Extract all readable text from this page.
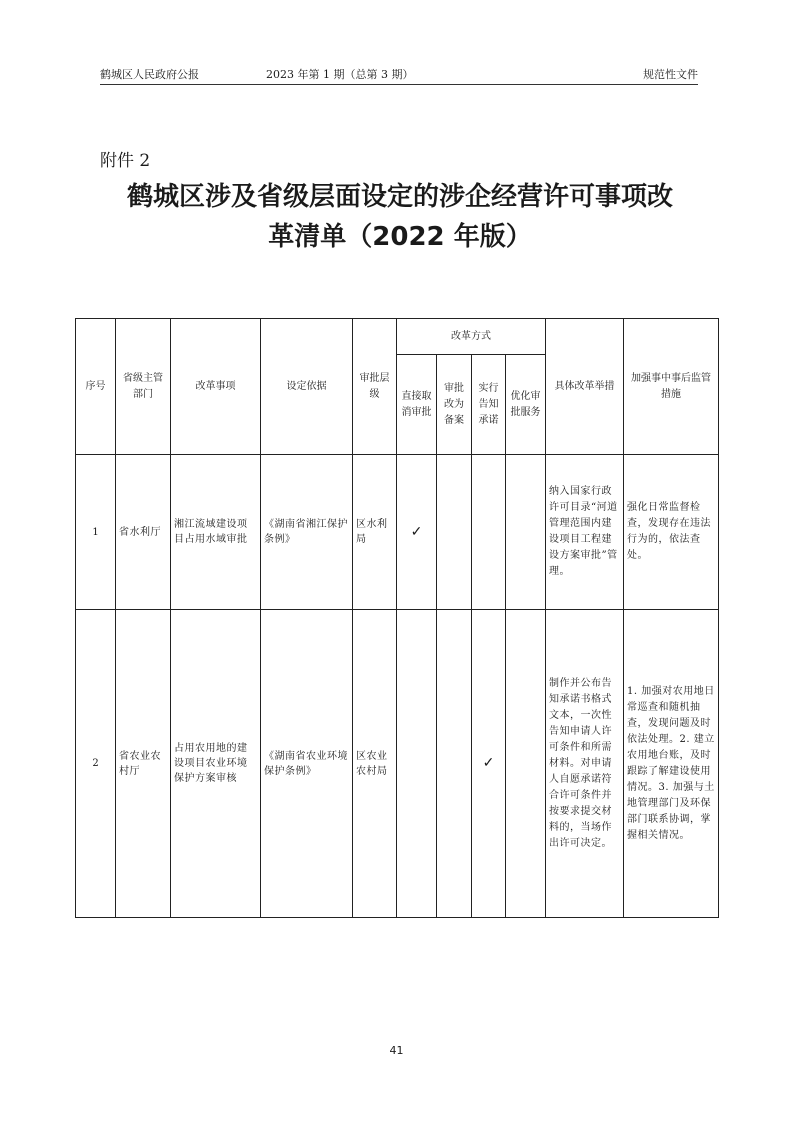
鹤城区人民政府公报	2023 年第 1 期（总第 3 期）	规范性文件
附件 2
鹤城区涉及省级层面设定的涉企经营许可事项改
革清单（2022 年版）
序号	省级主管部门	改革事项	设定依据	审批层级	改革方式				具体改革举措	加强事中事后监管措施
					直接取消审批	审批改为备案	实行告知承诺	优化审批服务		
1	省水利厅	湘江流域建设项目占用水域审批	《湖南省湘江保护条例》	区水利局	✓				纳入国家行政许可目录“河道管理范围内建设项目工程建设方案审批”管理。	强化日常监督检查，发现存在违法行为的，依法查处。
2	省农业农村厅	占用农用地的建设项目农业环境保护方案审核	《湖南省农业环境保护条例》	区农业农村局			✓		制作并公布告知承诺书格式文本，一次性告知申请人许可条件和所需材料。对申请人自愿承诺符合许可条件并按要求提交材料的，当场作出许可决定。	1. 加强对农用地日常巡查和随机抽查，发现问题及时依法处理。2. 建立农用地台账，及时跟踪了解建设使用情况。3. 加强与土地管理部门及环保部门联系协调，掌握相关情况。
41
